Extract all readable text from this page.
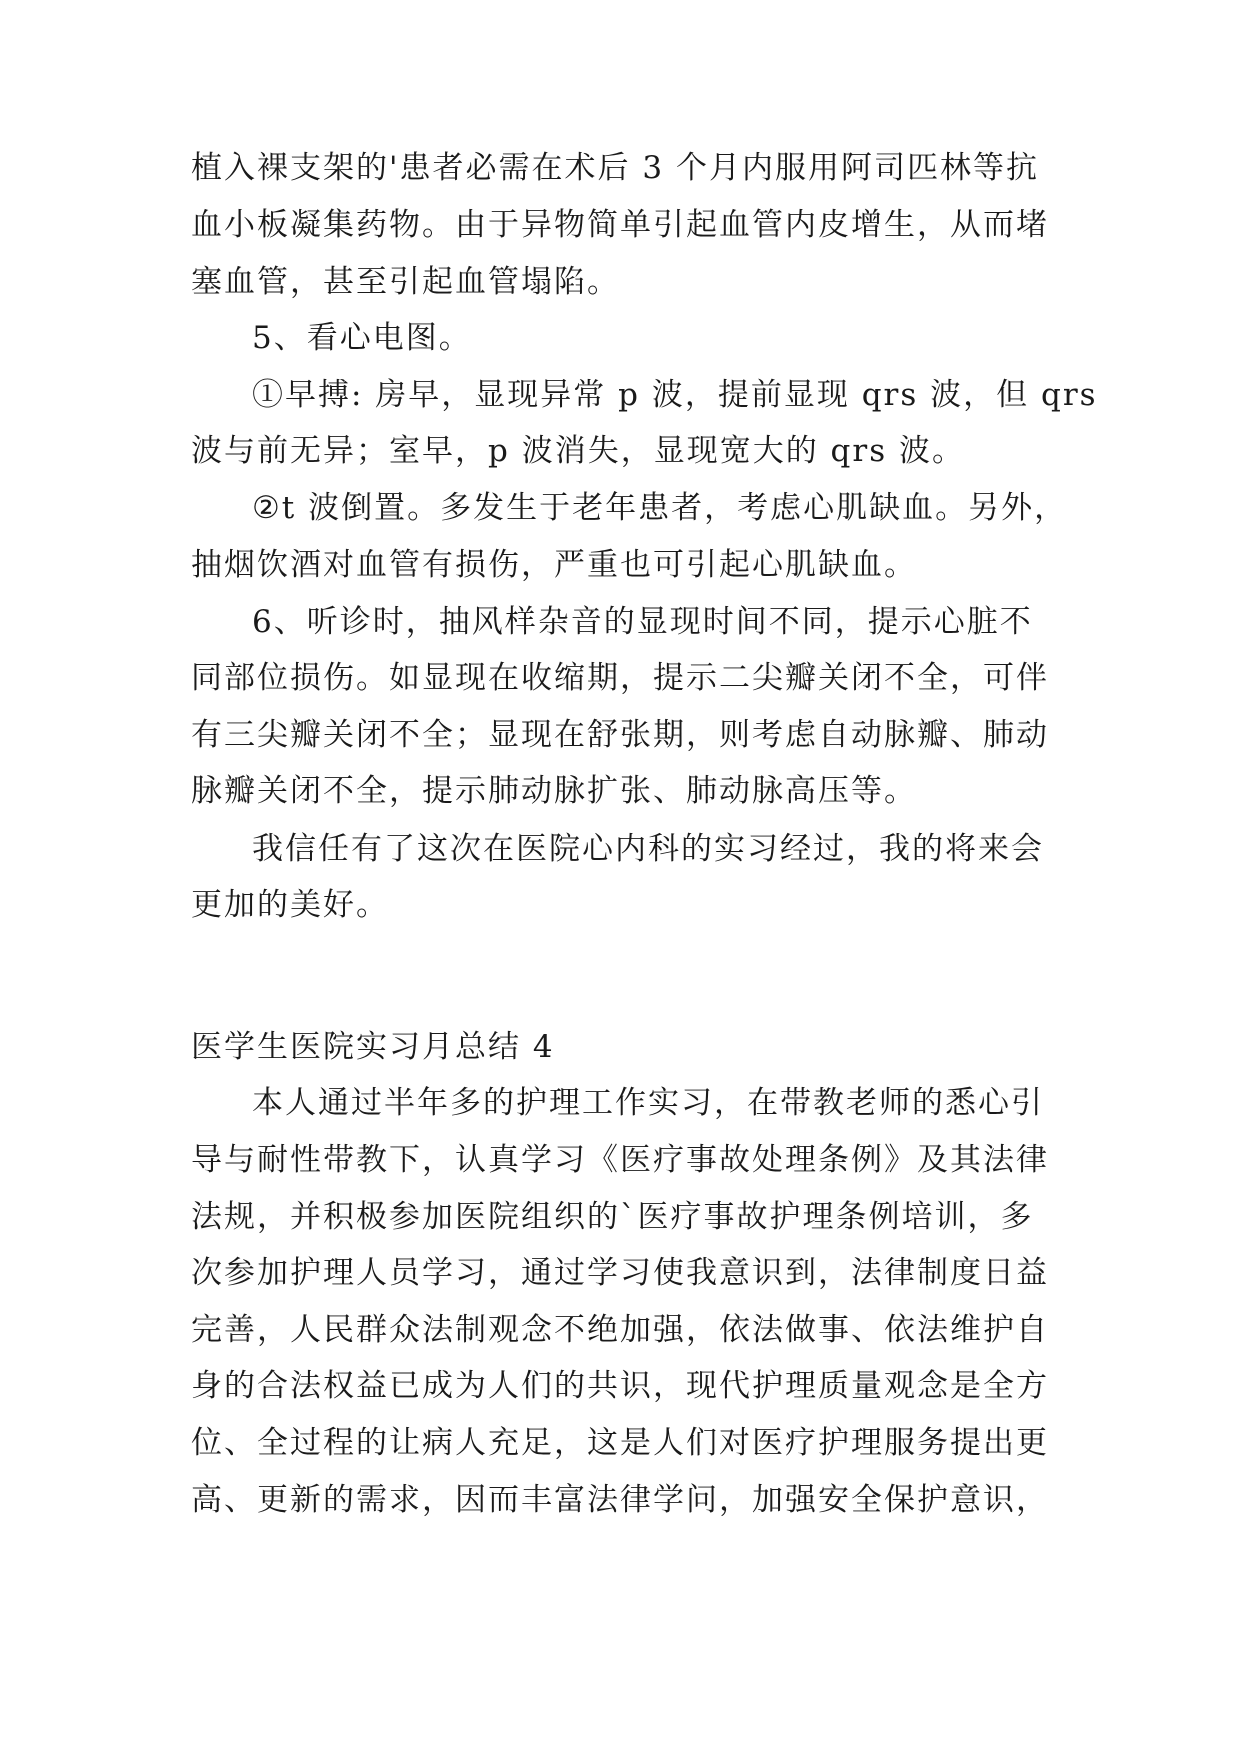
植入裸支架的'患者必需在术后 3 个月内服用阿司匹林等抗
血小板凝集药物。由于异物简单引起血管内皮增生，从而堵
塞血管，甚至引起血管塌陷。
5、看心电图。
①早搏: 房早，显现异常 p 波，提前显现 qrs 波，但 qrs
波与前无异；室早，p 波消失，显现宽大的 qrs 波。
②t 波倒置。多发生于老年患者，考虑心肌缺血。另外，
抽烟饮酒对血管有损伤，严重也可引起心肌缺血。
6、听诊时，抽风样杂音的显现时间不同，提示心脏不
同部位损伤。如显现在收缩期，提示二尖瓣关闭不全，可伴
有三尖瓣关闭不全；显现在舒张期，则考虑自动脉瓣、肺动
脉瓣关闭不全，提示肺动脉扩张、肺动脉高压等。
我信任有了这次在医院心内科的实习经过，我的将来会
更加的美好。
医学生医院实习月总结 4
本人通过半年多的护理工作实习，在带教老师的悉心引
导与耐性带教下，认真学习《医疗事故处理条例》及其法律
法规，并积极参加医院组织的`医疗事故护理条例培训，多
次参加护理人员学习，通过学习使我意识到，法律制度日益
完善，人民群众法制观念不绝加强，依法做事、依法维护自
身的合法权益已成为人们的共识，现代护理质量观念是全方
位、全过程的让病人充足，这是人们对医疗护理服务提出更
高、更新的需求，因而丰富法律学问，加强安全保护意识，
